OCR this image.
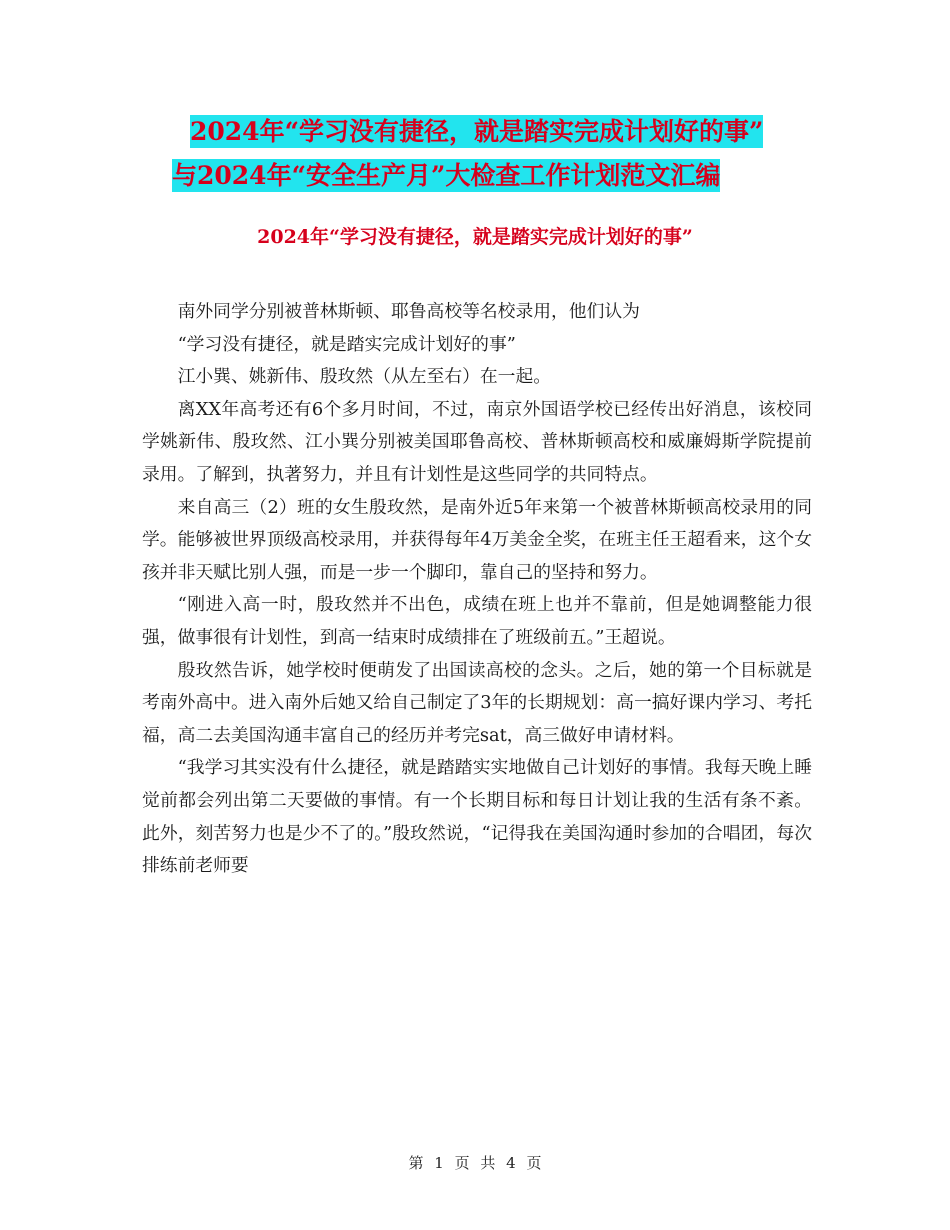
2024年“学习没有捷径，就是踏实完成计划好的事”
与2024年“安全生产月”大检查工作计划范文汇编
2024年“学习没有捷径，就是踏实完成计划好的事”

南外同学分别被普林斯顿、耶鲁高校等名校录用，他们认为

“学习没有捷径，就是踏实完成计划好的事”

江小巽、姚新伟、殷玫然（从左至右）在一起。

离XX年高考还有6个多月时间，不过，南京外国语学校已经传出好消息，该校同学姚新伟、殷玫然、江小巽分别被美国耶鲁高校、普林斯顿高校和威廉姆斯学院提前录用。了解到，执著努力，并且有计划性是这些同学的共同特点。

来自高三（2）班的女生殷玫然，是南外近5年来第一个被普林斯顿高校录用的同学。能够被世界顶级高校录用，并获得每年4万美金全奖，在班主任王超看来，这个女孩并非天赋比别人强，而是一步一个脚印，靠自己的坚持和努力。

“刚进入高一时，殷玫然并不出色，成绩在班上也并不靠前，但是她调整能力很强，做事很有计划性，到高一结束时成绩排在了班级前五。”王超说。

殷玫然告诉，她学校时便萌发了出国读高校的念头。之后，她的第一个目标就是考南外高中。进入南外后她又给自己制定了3年的长期规划：高一搞好课内学习、考托福，高二去美国沟通丰富自己的经历并考完sat，高三做好申请材料。

“我学习其实没有什么捷径，就是踏踏实实地做自己计划好的事情。我每天晚上睡觉前都会列出第二天要做的事情。有一个长期目标和每日计划让我的生活有条不紊。此外，刻苦努力也是少不了的。”殷玫然说，“记得我在美国沟通时参加的合唱团，每次排练前老师要

第 1 页 共 4 页
